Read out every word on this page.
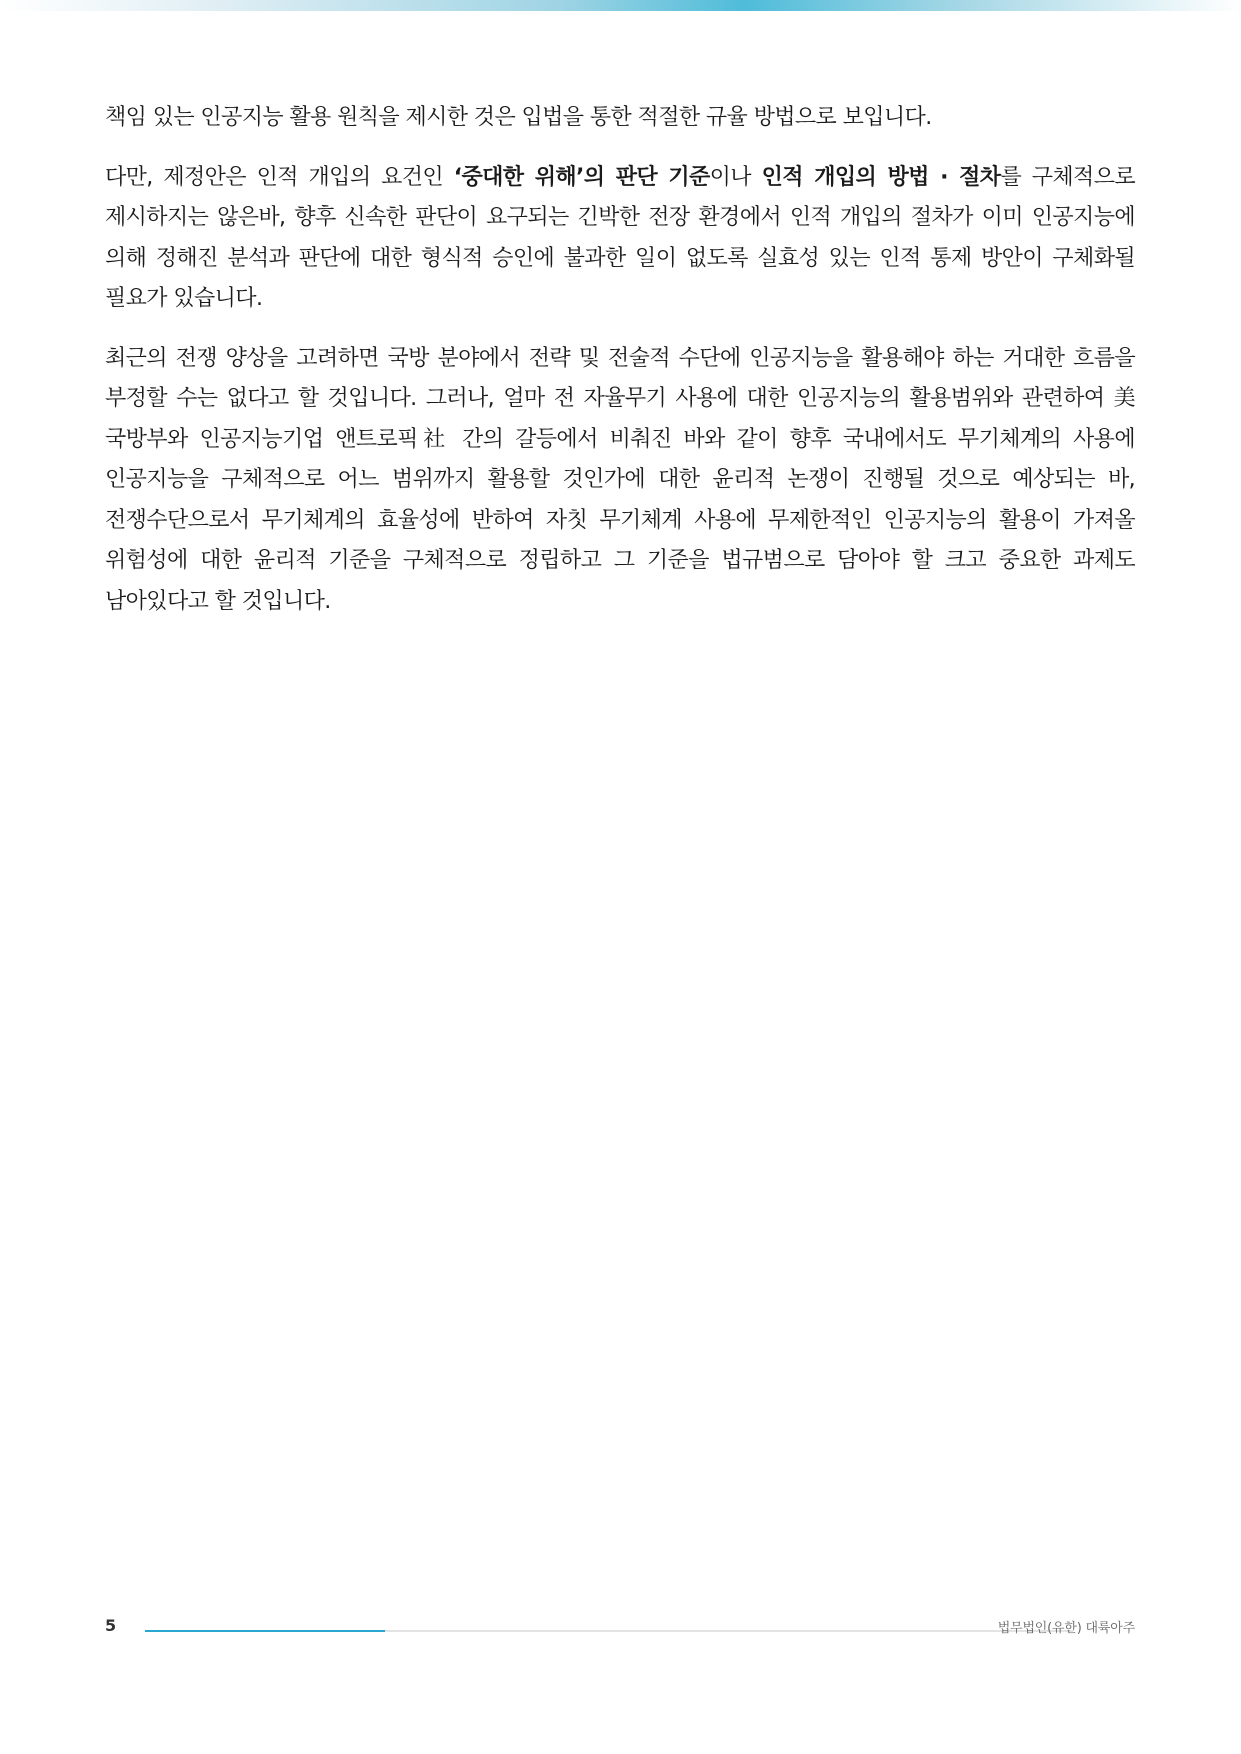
책임 있는 인공지능 활용 원칙을 제시한 것은 입법을 통한 적절한 규율 방법으로 보입니다.

다만, 제정안은 인적 개입의 요건인 ‘중대한 위해’의 판단 기준이나 인적 개입의 방법 · 절차를 구체적으로 제시하지는 않은바, 향후 신속한 판단이 요구되는 긴박한 전장 환경에서 인적 개입의 절차가 이미 인공지능에 의해 정해진 분석과 판단에 대한 형식적 승인에 불과한 일이 없도록 실효성 있는 인적 통제 방안이 구체화될 필요가 있습니다.

최근의 전쟁 양상을 고려하면 국방 분야에서 전략 및 전술적 수단에 인공지능을 활용해야 하는 거대한 흐름을 부정할 수는 없다고 할 것입니다. 그러나, 얼마 전 자율무기 사용에 대한 인공지능의 활용범위와 관련하여 美 국방부와 인공지능기업 앤트로픽社 간의 갈등에서 비춰진 바와 같이 향후 국내에서도 무기체계의 사용에 인공지능을 구체적으로 어느 범위까지 활용할 것인가에 대한 윤리적 논쟁이 진행될 것으로 예상되는 바, 전쟁수단으로서 무기체계의 효율성에 반하여 자칫 무기체계 사용에 무제한적인 인공지능의 활용이 가져올 위험성에 대한 윤리적 기준을 구체적으로 정립하고 그 기준을 법규범으로 담아야 할 크고 중요한 과제도 남아있다고 할 것입니다.

5	법무법인(유한) 대륙아주
